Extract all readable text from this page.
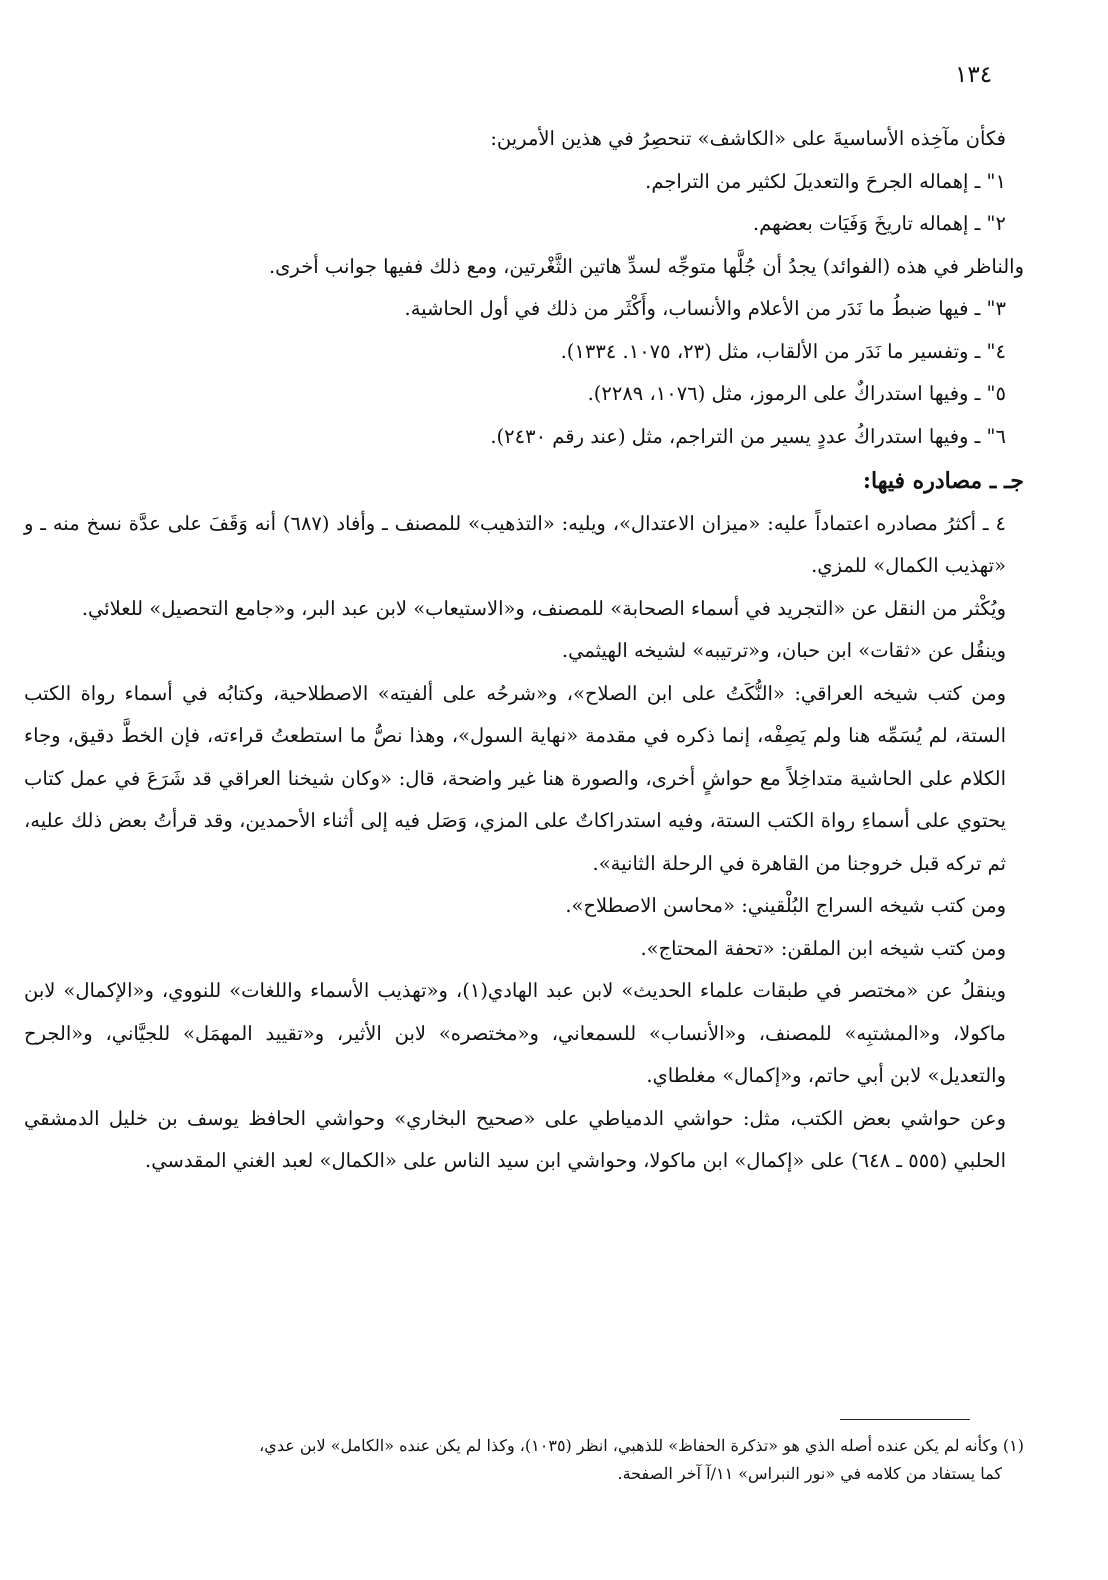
١٣٤

فكأن مآخِذه الأساسيةَ على «الكاشف» تنحصِرُ في هذين الأمرين:

١" ـ إهماله الجرحَ والتعديلَ لكثير من التراجم.

٢" ـ إهماله تاريخَ وَفَيَات بعضهم.

والناظر في هذه (الفوائد) يجدُ أن جُلَّها متوجِّه لسدِّ هاتين الثَّغْرتين، ومع ذلك ففيها جوانب أخرى.

٣" ـ فيها ضبطُ ما نَدَر من الأعلام والأنساب، وأَكْثَر من ذلك في أول الحاشية.

٤" ـ وتفسير ما نَدَر من الألقاب، مثل (٢٣، ١٠٧٥. ١٣٣٤).

٥" ـ وفيها استدراكٌ على الرموز، مثل (١٠٧٦، ٢٢٨٩).

٦" ـ وفيها استدراكُ عددٍ يسير من التراجم، مثل (عند رقم ٢٤٣٠).

جـ ـ مصادره فيها:

٤ ـ أكثرُ مصادره اعتماداً عليه: «ميزان الاعتدال»، ويليه: «التذهيب» للمصنف ـ وأفاد (٦٨٧) أنه وَقَفَ على عدَّة نسخ منه ـ و «تهذيب الكمال» للمزي.

ويُكْثر من النقل عن «التجريد في أسماء الصحابة» للمصنف، و«الاستيعاب» لابن عبد البر، و«جامع التحصيل» للعلائي.

وينقُل عن «ثقات» ابن حبان، و«ترتيبه» لشيخه الهيثمي.

ومن كتب شيخه العراقي: «النُّكَتُ على ابن الصلاح»، و«شرحُه على ألفيته» الاصطلاحية، وكتابُه في أسماء رواة الكتب الستة، لم يُسَمِّه هنا ولم يَصِفْه، إنما ذكره في مقدمة «نهاية السول»، وهذا نصُّ ما استطعتُ قراءته، فإن الخطَّ دقيق، وجاء الكلام على الحاشية متداخِلاً مع حواشٍ أخرى، والصورة هنا غير واضحة، قال: «وكان شيخنا العراقي قد شَرَعَ في عمل كتاب يحتوي على أسماءِ رواة الكتب الستة، وفيه استدراكاتٌ على المزي، وَصَل فيه إلى أثناء الأحمدين، وقد قرأتُ بعض ذلك عليه، ثم تركه قبل خروجنا من القاهرة في الرحلة الثانية».

ومن كتب شيخه السراج البُلْقيني: «محاسن الاصطلاح».

ومن كتب شيخه ابن الملقن: «تحفة المحتاج».

وينقلُ عن «مختصر في طبقات علماء الحديث» لابن عبد الهادي(١)، و«تهذيب الأسماء واللغات» للنووي، و«الإكمال» لابن ماكولا، و«المشتبِه» للمصنف، و«الأنساب» للسمعاني، و«مختصره» لابن الأثير، و«تقييد المهمَل» للجيَّاني، و«الجرح والتعديل» لابن أبي حاتم، و«إكمال» مغلطاي.

وعن حواشي بعض الكتب، مثل: حواشي الدمياطي على «صحيح البخاري» وحواشي الحافظ يوسف بن خليل الدمشقي الحلبي (٥٥٥ ـ ٦٤٨) على «إكمال» ابن ماكولا، وحواشي ابن سيد الناس على «الكمال» لعبد الغني المقدسي.

(١) وكأنه لم يكن عنده أصله الذي هو «تذكرة الحفاظ» للذهبي، انظر (١٠٣٥)، وكذا لم يكن عنده «الكامل» لابن عدي،

كما يستفاد من كلامه في «نور النبراس» ١١/آ آخر الصفحة.
